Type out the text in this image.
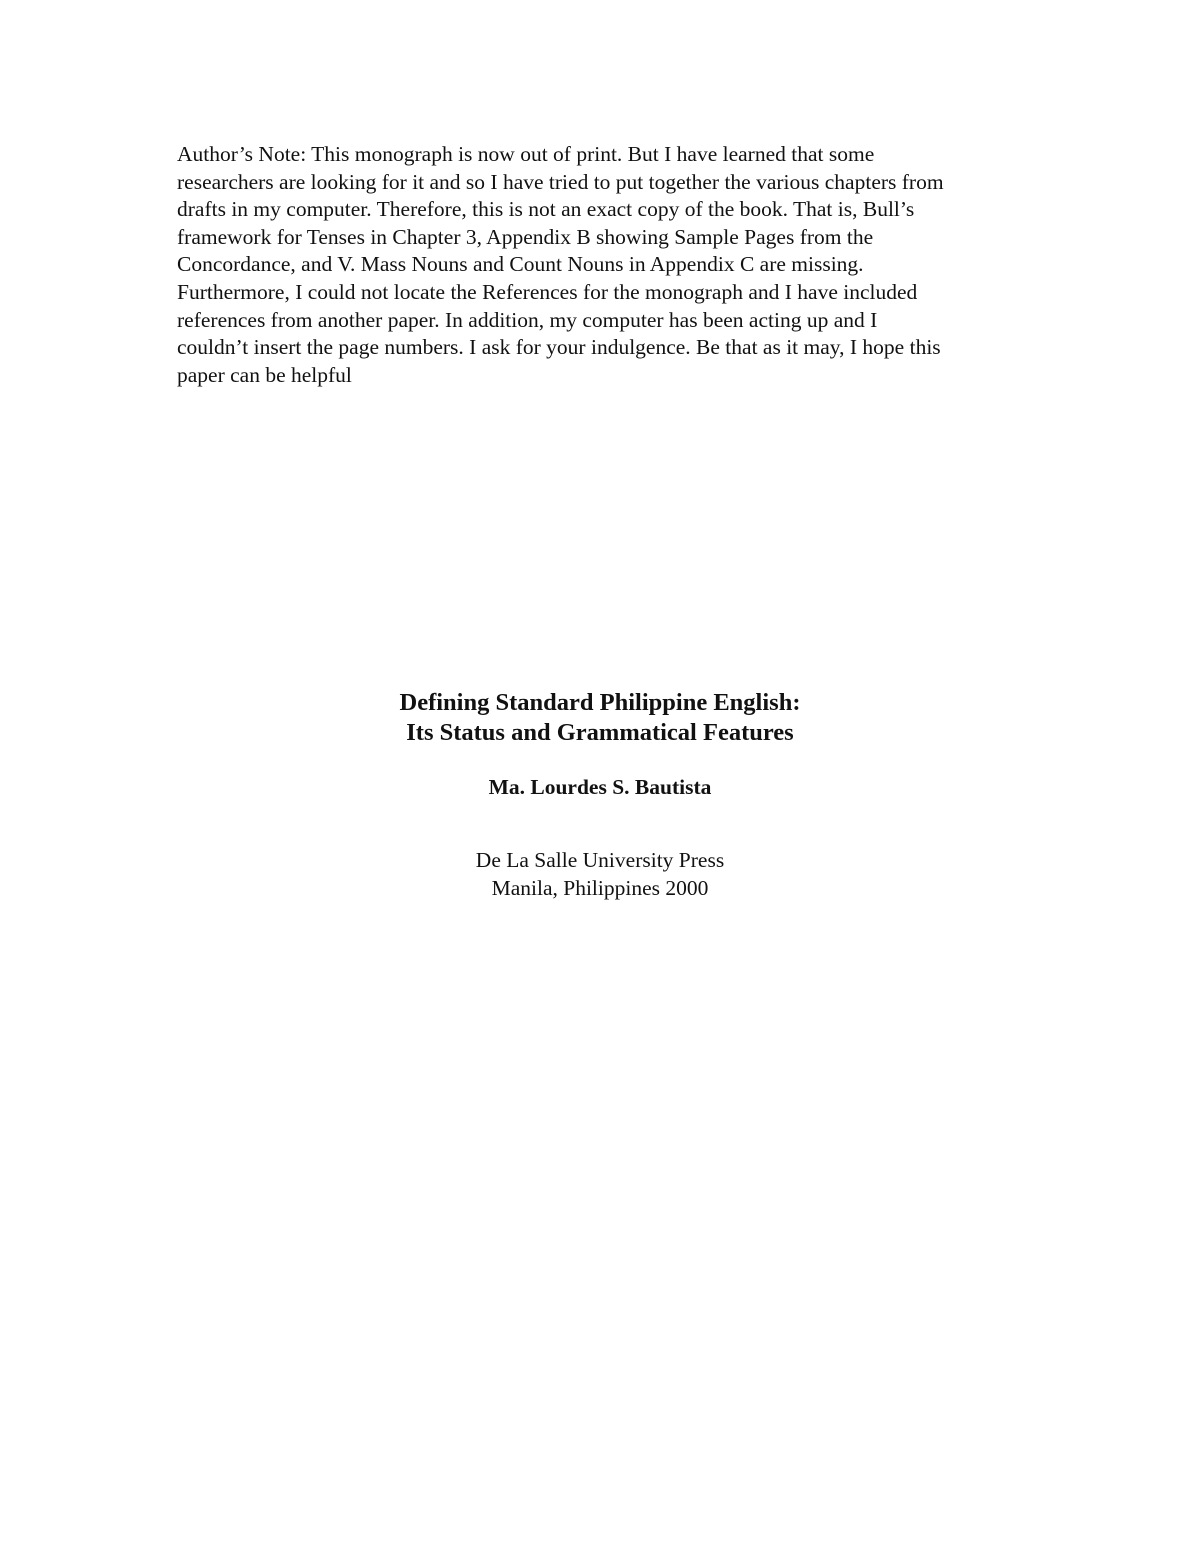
Author’s Note: This monograph is now out of print. But I have learned that some
researchers are looking for it and so I have tried to put together the various chapters from
drafts in my computer. Therefore, this is not an exact copy of the book. That is, Bull’s
framework for Tenses in Chapter 3, Appendix B showing Sample Pages from the
Concordance, and V. Mass Nouns and Count Nouns in Appendix C are missing.
Furthermore, I could not locate the References for the monograph and I have included
references from another paper. In addition, my computer has been acting up and I
couldn’t insert the page numbers. I ask for your indulgence. Be that as it may, I hope this
paper can be helpful

Defining Standard Philippine English:
Its Status and Grammatical Features

Ma. Lourdes S. Bautista

De La Salle University Press
Manila, Philippines 2000
